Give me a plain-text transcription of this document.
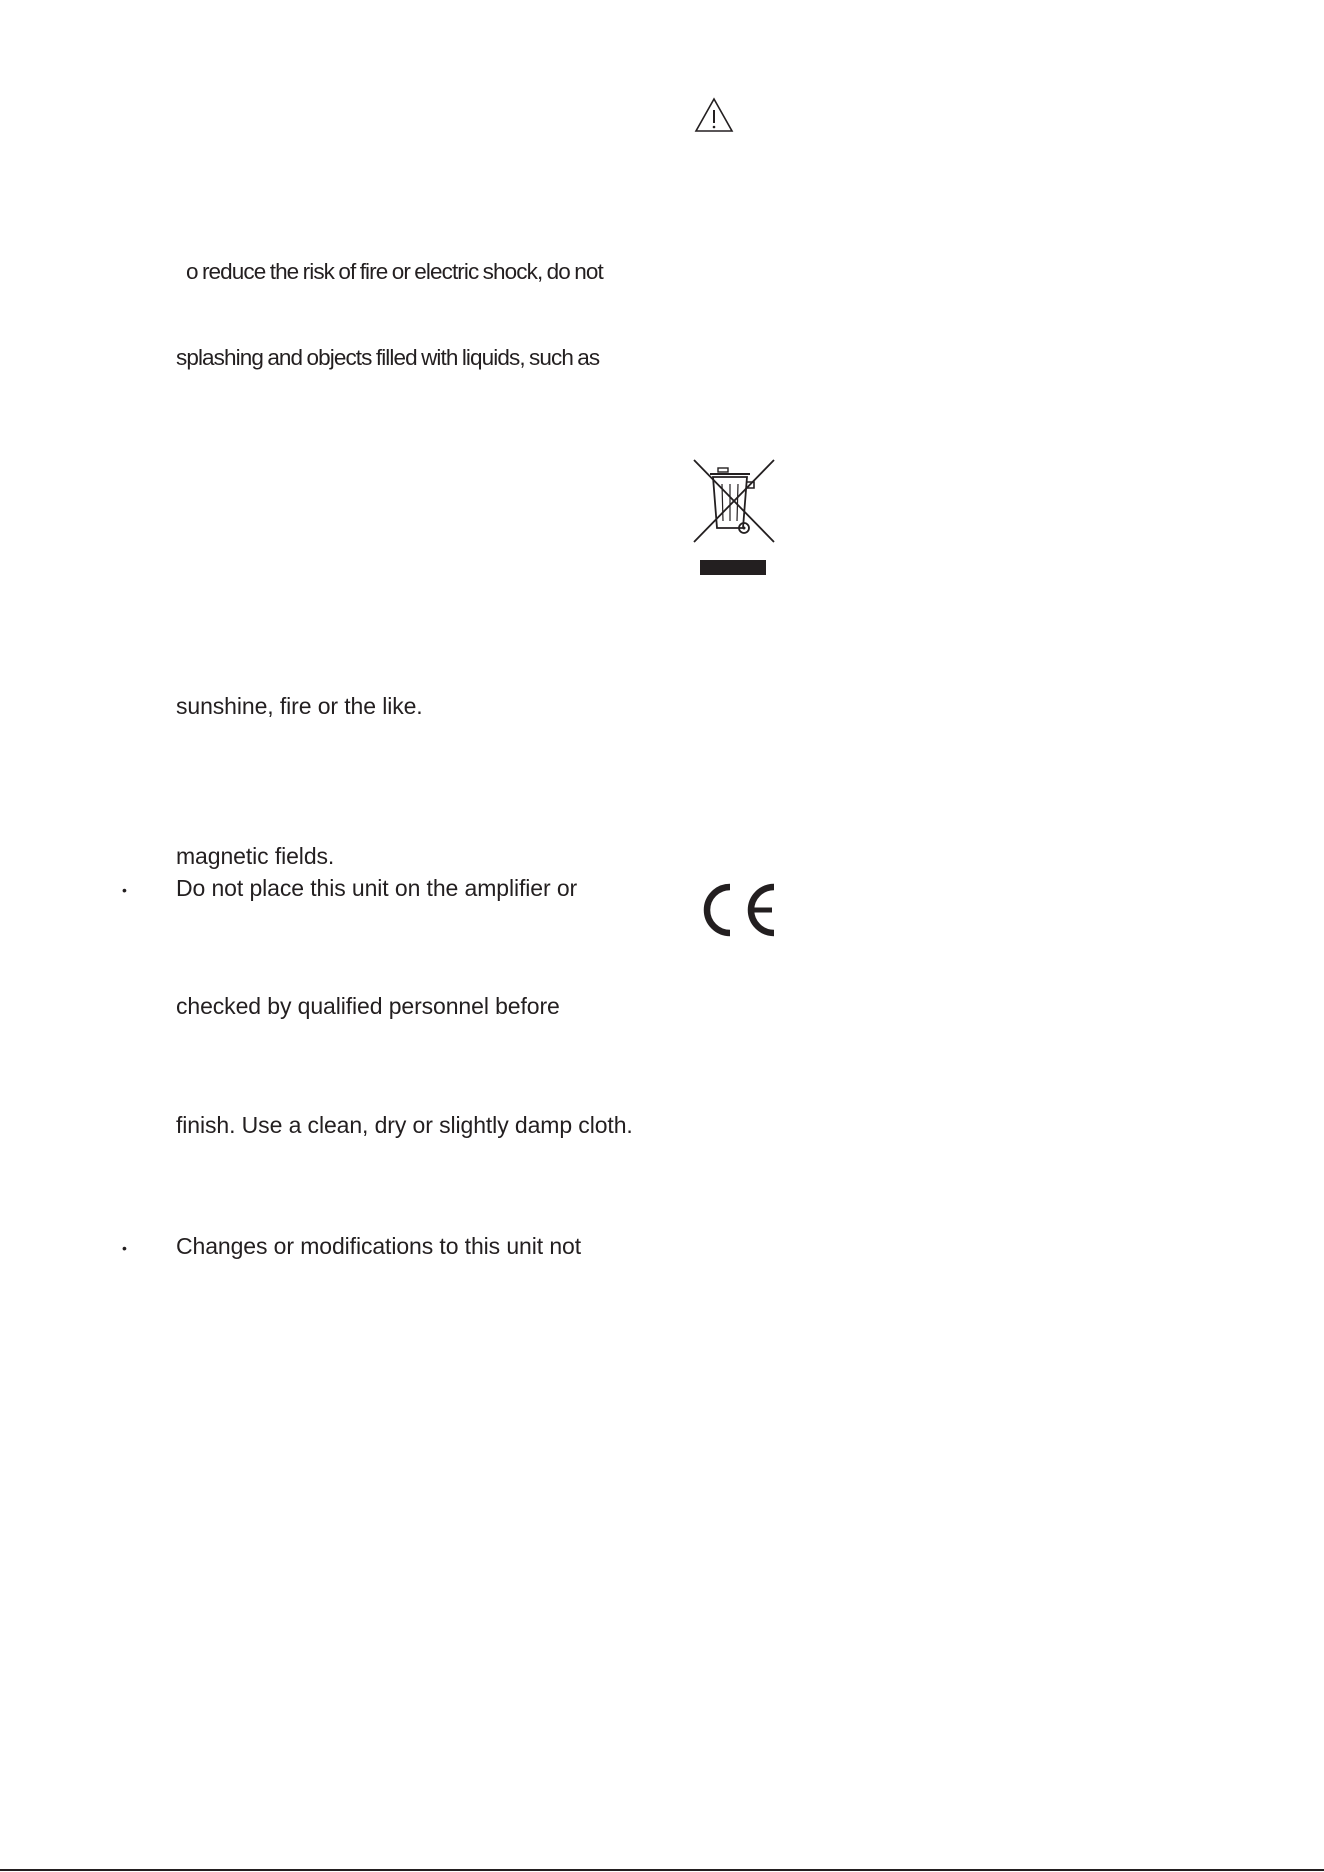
o reduce the risk of fire or electric shock, do not
splashing and objects filled with liquids, such as
sunshine, fire or the like.
magnetic fields.
• Do not place this unit on the amplifier or
checked by qualified personnel before
finish. Use a clean, dry or slightly damp cloth.
• Changes or modifications to this unit not
